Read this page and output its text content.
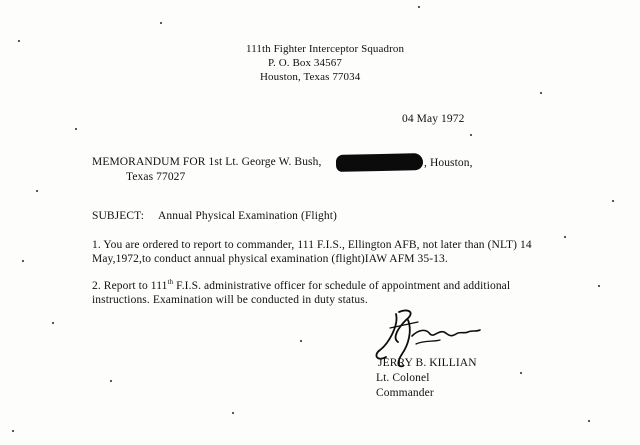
111th Fighter Interceptor Squadron
P. O. Box 34567
Houston, Texas 77034
04 May 1972
MEMORANDUM FOR 1st Lt. George W. Bush,	, Houston,
Texas 77027
SUBJECT: Annual Physical Examination (Flight)
1. You are ordered to report to commander, 111 F.I.S., Ellington AFB, not later than (NLT) 14
May,1972,to conduct annual physical examination (flight)IAW AFM 35-13.
2. Report to 111th F.I.S. administrative officer for schedule of appointment and additional
instructions. Examination will be conducted in duty status.
JERRY B. KILLIAN
Lt. Colonel
Commander
